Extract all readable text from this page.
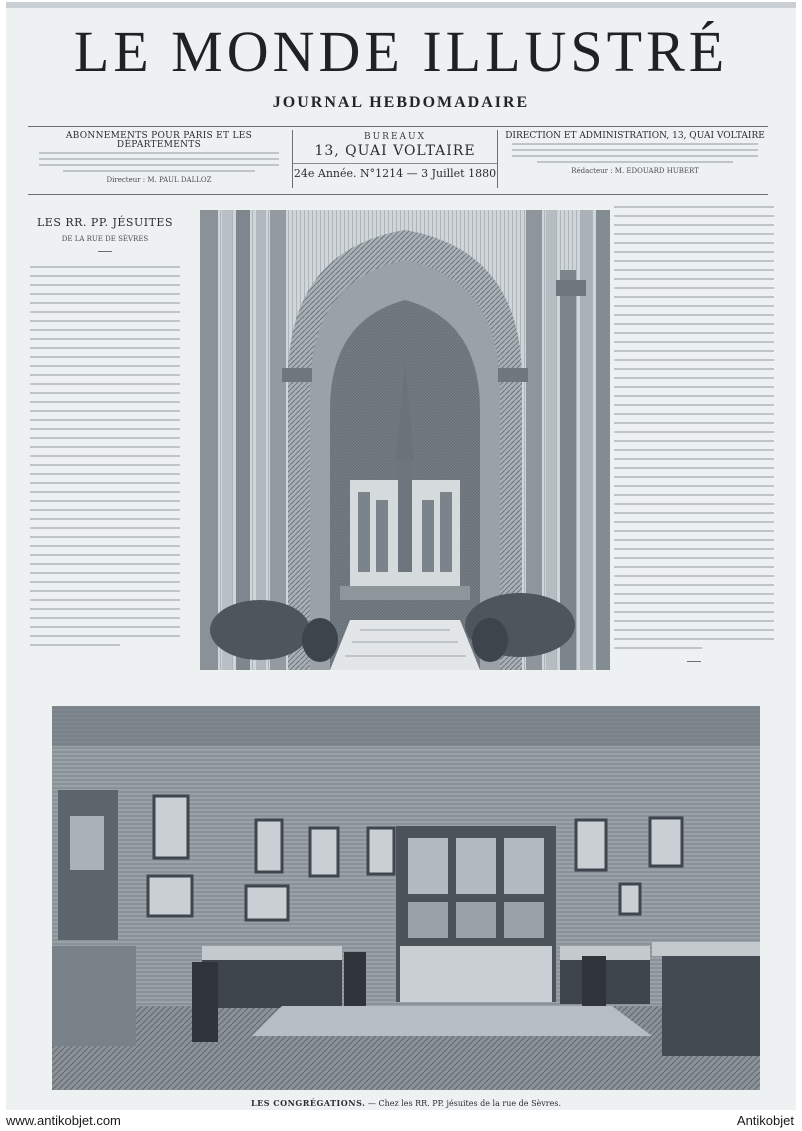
LE MONDE ILLUSTRÉ
JOURNAL HEBDOMADAIRE
ABONNEMENTS POUR PARIS ET LES DÉPARTEMENTS
Directeur : M. PAUL DALLOZ
BUREAUX
13, QUAI VOLTAIRE
24e Année. N°1214 — 3 Juillet 1880
DIRECTION ET ADMINISTRATION, 13, QUAI VOLTAIRE
Rédacteur : M. EDOUARD HUBERT
LES RR. PP. JÉSUITES
DE LA RUE DE SÈVRES
LES CONGRÉGATIONS. — Chez les RR. PP. jésuites de la rue de Sèvres.
www.antikobjet.com	Antikobjet
